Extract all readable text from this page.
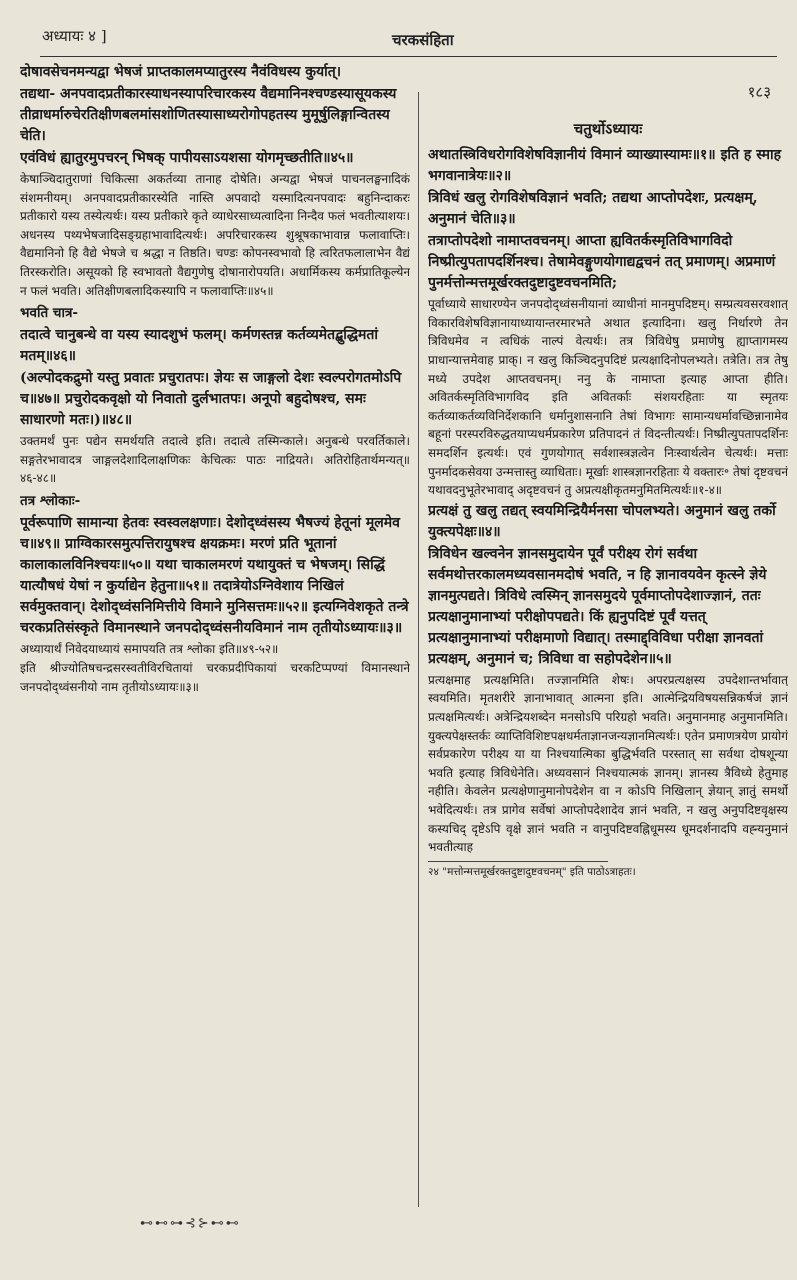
अध्यायः ४ ]	चरकसंहिता
१८३

दोषावसेचनमन्यद्वा भेषजं प्राप्तकालमप्यातुरस्य नैवंविधस्य कुर्यात्।

तद्यथा- अनपवादप्रतीकारस्याधनस्यापरिचारकस्य वैद्यमानिनश्चण्डस्यासूयकस्य तीव्राधर्मारुचेरतिक्षीणबलमांसशोणितस्यासाध्यरोगोपहतस्य मुमूर्षुलिङ्गान्वितस्य चेति।

एवंविधं ह्यातुरमुपचरन् भिषक् पापीयसाऽयशसा योगमृच्छतीति॥४५॥

केषाञ्चिदातुराणां चिकित्सा अकर्तव्या तानाह दोषेति। अन्यद्वा भेषजं पाचनलङ्घनादिकं संशमनीयम्। अनपवादप्रतीकारस्येति नास्ति अपवादो यस्मादित्यनपवादः बहुनिन्दाकरः प्रतीकारो यस्य तस्येत्यर्थः। यस्य प्रतीकारे कृते व्याधेरसाध्यत्वादिना निन्दैव फलं भवतीत्याशयः। अधनस्य पथ्यभेषजादिसङ्ग्रहाभावादित्यर्थः। अपरिचारकस्य शुश्रूषकाभावान्न फलावाप्तिः। वैद्यमानिनो हि वैद्ये भेषजे च श्रद्धा न तिष्ठति। चण्डः कोपनस्वभावो हि त्वरितफलालाभेन वैद्यं तिरस्करोति। असूयको हि स्वभावतो वैद्यगुणेषु दोषानारोपयति। अधार्मिकस्य कर्मप्रातिकूल्येन न फलं भवति। अतिक्षीणबलादिकस्यापि न फलावाप्तिः॥४५॥

भवति चात्र-

तदात्वे चानुबन्धे वा यस्य स्यादशुभं फलम्। कर्मणस्तन्न कर्तव्यमेतद्बुद्धिमतां मतम्॥४६॥

(अल्पोदकद्रुमो यस्तु प्रवातः प्रचुरातपः। ज्ञेयः स जाङ्गलो देशः स्वल्परोगतमोऽपि च॥४७॥ प्रचुरोदकवृक्षो यो निवातो दुर्लभातपः। अनूपो बहुदोषश्च, समः साधारणो मतः।)॥४८॥

उक्तमर्थं पुनः पद्येन समर्थयति तदात्वे इति। तदात्वे तस्मिन्काले। अनुबन्धे परवर्तिकाले। सङ्गतेरभावादत्र जाङ्गलदेशादिलाक्षणिकः केचित्कः पाठः नाद्रियते। अतिरोहितार्थमन्यत्॥४६-४८॥

तत्र श्लोकाः-

पूर्वरूपाणि सामान्या हेतवः स्वस्वलक्षणाः। देशोद्ध्वंसस्य भैषज्यं हेतूनां मूलमेव च॥४९॥ प्राग्विकारसमुत्पत्तिरायुषश्च क्षयक्रमः। मरणं प्रति भूतानां कालाकालविनिश्चयः॥५०॥ यथा चाकालमरणं यथायुक्तं च भेषजम्। सिद्धिं यात्यौषधं येषां न कुर्याद्येन हेतुना॥५१॥ तदात्रेयोऽग्निवेशाय निखिलं सर्वमुक्तवान्। देशोद्ध्वंसनिमित्तीये विमाने मुनिसत्तमः॥५२॥ इत्यग्निवेशकृते तन्त्रे चरकप्रतिसंस्कृते विमानस्थाने जनपदोद्ध्वंसनीयविमानं नाम तृतीयोऽध्यायः॥३॥

अध्यायार्थं निवेदयाध्यायं समापयति तत्र श्लोका इति॥४९-५२॥

इति श्रीज्योतिषचन्द्रसरस्वतीविरचितायां चरकप्रदीपिकायां चरकटिप्पण्यां विमानस्थाने जनपदोद्ध्वंसनीयो नाम तृतीयोऽध्यायः॥३॥

चतुर्थोऽध्यायः

अथातस्त्रिविधरोगविशेषविज्ञानीयं विमानं व्याख्यास्यामः॥१॥ इति ह स्माह भगवानात्रेयः॥२॥

त्रिविधं खलु रोगविशेषविज्ञानं भवति; तद्यथा आप्तोपदेशः, प्रत्यक्षम्, अनुमानं चेति॥३॥

तत्राप्तोपदेशो नामाप्तवचनम्। आप्ता ह्यवितर्कस्मृतिविभागविदो निष्प्रीत्युपतापदर्शिनश्च। तेषामेवङ्गुणयोगाद्यद्वचनं तत् प्रमाणम्। अप्रमाणं पुनर्मत्तोन्मत्तमूर्खरक्तदुष्टादुष्टवचनमिति;

पूर्वाध्याये साधारण्येन जनपदोद्ध्वंसनीयानां व्याधीनां मानमुपदिष्टम्। सम्प्रत्यवसरवशात् विकारविशेषविज्ञानायाध्यायान्तरमारभते अथात इत्यादिना। खलु निर्धारणे तेन त्रिविधमेव न त्वधिकं नाल्पं वेत्यर्थः। तत्र त्रिविधेषु प्रमाणेषु ह्याप्तागमस्य प्राधान्यात्तमेवाह प्राक्। न खलु किञ्चिदनुपदिष्टं प्रत्यक्षादिनोपलभ्यते। तत्रेति। तत्र तेषु मध्ये उपदेश आप्तवचनम्। ननु के नामाप्ता इत्याह आप्ता हीति। अवितर्कस्मृतिविभागविद इति अवितर्काः संशयरहिताः या स्मृतयः कर्तव्याकर्तव्यविनिर्देशकानि धर्मानुशासनानि तेषां विभागः सामान्यधर्मावच्छिन्नानामेव बहूनां परस्परविरुद्धतयाप्यधर्मप्रकारेण प्रतिपादनं तं विदन्तीत्यर्थः। निष्प्रीत्युपतापदर्शिनः समदर्शिन इत्यर्थः। एवं गुणयोगात् सर्वशास्त्रज्ञत्वेन निःस्वार्थत्वेन चेत्यर्थः। मत्ताः पुनर्मादकसेवया उन्मत्तास्तु व्याधिताः। मूर्खाः शास्त्रज्ञानरहिताः ये वक्तारः॰ तेषां दृष्टवचनं यथावदनुभूतेरभावाद् अदृष्टवचनं तु अप्रत्यक्षीकृतमनुमितमित्यर्थः॥१-४॥

प्रत्यक्षं तु खलु तद्यत् स्वयमिन्द्रियैर्मनसा चोपलभ्यते। अनुमानं खलु तर्को युक्त्यपेक्षः॥४॥

त्रिविधेन खल्वनेन ज्ञानसमुदायेन पूर्वं परीक्ष्य रोगं सर्वथा सर्वमथोत्तरकालमध्यवसानमदोषं भवति, न हि ज्ञानावयवेन कृत्स्ने ज्ञेये ज्ञानमुत्पद्यते। त्रिविधे त्वस्मिन् ज्ञानसमुदये पूर्वमाप्तोपदेशाज्ज्ञानं, ततः प्रत्यक्षानुमानाभ्यां परीक्षोपपद्यते। किं ह्यनुपदिष्टं पूर्वं यत्तत् प्रत्यक्षानुमानाभ्यां परीक्षमाणो विद्यात्। तस्माद्द्विविधा परीक्षा ज्ञानवतां प्रत्यक्षम्, अनुमानं च; त्रिविधा वा सहोपदेशेन॥५॥

प्रत्यक्षमाह प्रत्यक्षमिति। तज्ज्ञानमिति शेषः। अपरप्रत्यक्षस्य उपदेशान्तर्भावात् स्वयमिति। मृतशरीरे ज्ञानाभावात् आत्मना इति। आत्मेन्द्रियविषयसन्निकर्षजं ज्ञानं प्रत्यक्षमित्यर्थः। अत्रेन्द्रियशब्देन मनसोऽपि परिग्रहो भवति। अनुमानमाह अनुमानमिति। युक्त्यपेक्षस्तर्कः व्याप्तिविशिष्टपक्षधर्मताज्ञानजन्यज्ञानमित्यर्थः। एतेन प्रमाणत्रयेण प्रायोगं सर्वप्रकारेण परीक्ष्य या या निश्चयात्मिका बुद्धिर्भवति परस्तात् सा सर्वथा दोषशून्या भवति इत्याह त्रिविधेनेति। अध्यवसानं निश्चयात्मकं ज्ञानम्। ज्ञानस्य त्रैविध्ये हेतुमाह नहीति। केवलेन प्रत्यक्षेणानुमानोपदेशेन वा न कोऽपि निखिलान् ज्ञेयान् ज्ञातुं समर्थो भवेदित्यर्थः। तत्र प्रागेव सर्वेषां आप्तोपदेशादेव ज्ञानं भवति, न खलु अनुपदिष्टवृक्षस्य कस्यचिद् दृष्टेऽपि वृक्षे ज्ञानं भवति न वानुपदिष्टवह्निधूमस्य धूमदर्शनादपि वह्न्यनुमानं भवतीत्याह

२४ "मत्तोन्मत्तमूर्खरक्तदुष्टादुष्टवचनम्" इति पाठोऽत्राहतः।

⊷⊷⊶⊰⊱⊷⊷
